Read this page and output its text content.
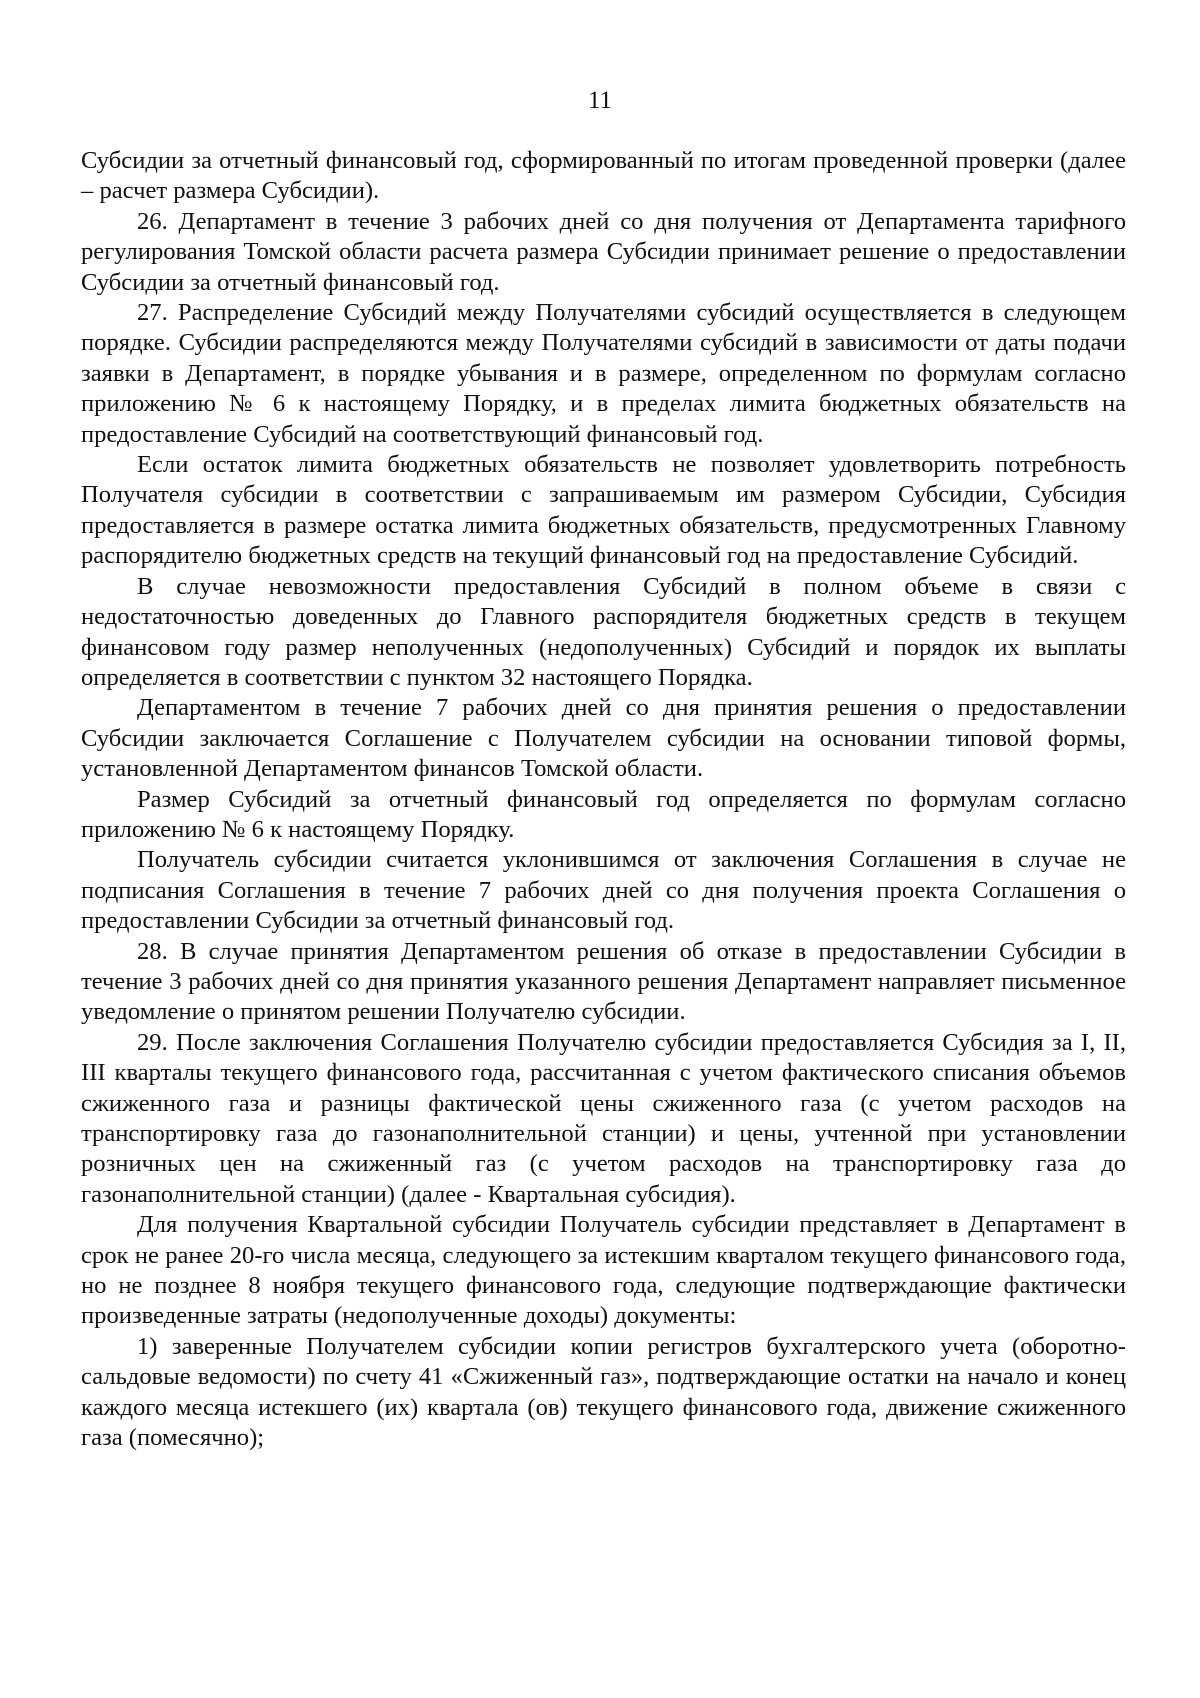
11

Субсидии за отчетный финансовый год, сформированный по итогам проведенной проверки (далее – расчет размера Субсидии).

26. Департамент в течение 3 рабочих дней со дня получения от Департамента тарифного регулирования Томской области расчета размера Субсидии принимает решение о предоставлении Субсидии за отчетный финансовый год.

27. Распределение Субсидий между Получателями субсидий осуществляется в следующем порядке. Субсидии распределяются между Получателями субсидий в зависимости от даты подачи заявки в Департамент, в порядке убывания и в размере, определенном по формулам согласно приложению № 6 к настоящему Порядку, и в пределах лимита бюджетных обязательств на предоставление Субсидий на соответствующий финансовый год.

Если остаток лимита бюджетных обязательств не позволяет удовлетворить потребность Получателя субсидии в соответствии с запрашиваемым им размером Субсидии, Субсидия предоставляется в размере остатка лимита бюджетных обязательств, предусмотренных Главному распорядителю бюджетных средств на текущий финансовый год на предоставление Субсидий.

В случае невозможности предоставления Субсидий в полном объеме в связи с недостаточностью доведенных до Главного распорядителя бюджетных средств в текущем финансовом году размер неполученных (недополученных) Субсидий и порядок их выплаты определяется в соответствии с пунктом 32 настоящего Порядка.

Департаментом в течение 7 рабочих дней со дня принятия решения о предоставлении Субсидии заключается Соглашение с Получателем субсидии на основании типовой формы, установленной Департаментом финансов Томской области.

Размер Субсидий за отчетный финансовый год определяется по формулам согласно приложению № 6 к настоящему Порядку.

Получатель субсидии считается уклонившимся от заключения Соглашения в случае не подписания Соглашения в течение 7 рабочих дней со дня получения проекта Соглашения о предоставлении Субсидии за отчетный финансовый год.

28. В случае принятия Департаментом решения об отказе в предоставлении Субсидии в течение 3 рабочих дней со дня принятия указанного решения Департамент направляет письменное уведомление о принятом решении Получателю субсидии.

29. После заключения Соглашения Получателю субсидии предоставляется Субсидия за I, II, III кварталы текущего финансового года, рассчитанная с учетом фактического списания объемов сжиженного газа и разницы фактической цены сжиженного газа (с учетом расходов на транспортировку газа до газонаполнительной станции) и цены, учтенной при установлении розничных цен на сжиженный газ (с учетом расходов на транспортировку газа до газонаполнительной станции) (далее - Квартальная субсидия).

Для получения Квартальной субсидии Получатель субсидии представляет в Департамент в срок не ранее 20-го числа месяца, следующего за истекшим кварталом текущего финансового года, но не позднее 8 ноября текущего финансового года, следующие подтверждающие фактически произведенные затраты (недополученные доходы) документы:

1) заверенные Получателем субсидии копии регистров бухгалтерского учета (оборотно-сальдовые ведомости) по счету 41 «Сжиженный газ», подтверждающие остатки на начало и конец каждого месяца истекшего (их) квартала (ов) текущего финансового года, движение сжиженного газа (помесячно);
